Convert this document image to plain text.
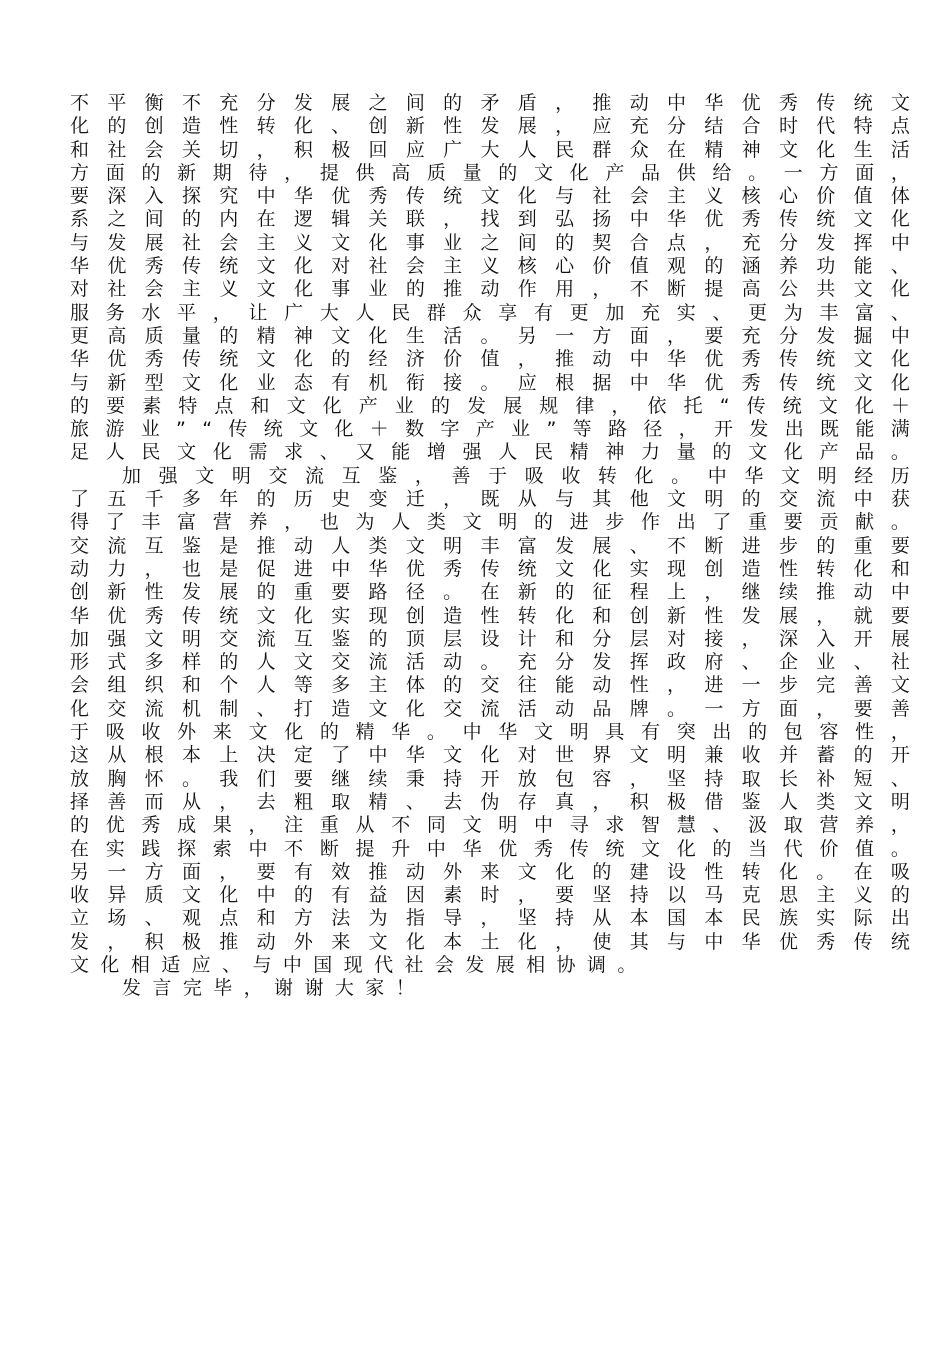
不 平 衡 不 充 分 发 展 之 间 的 矛 盾 ， 推 动 中 华 优 秀 传 统 文
化 的 创 造 性 转 化 、 创 新 性 发 展 ， 应 充 分 结 合 时 代 特 点
和 社 会 关 切 ， 积 极 回 应 广 大 人 民 群 众 在 精 神 文 化 生 活
方 面 的 新 期 待 ， 提 供 高 质 量 的 文 化 产 品 供 给 。 一 方 面 ，
要 深 入 探 究 中 华 优 秀 传 统 文 化 与 社 会 主 义 核 心 价 值 体
系 之 间 的 内 在 逻 辑 关 联 ， 找 到 弘 扬 中 华 优 秀 传 统 文 化
与 发 展 社 会 主 义 文 化 事 业 之 间 的 契 合 点 ， 充 分 发 挥 中
华 优 秀 传 统 文 化 对 社 会 主 义 核 心 价 值 观 的 涵 养 功 能 、
对 社 会 主 义 文 化 事 业 的 推 动 作 用 ， 不 断 提 高 公 共 文 化
服 务 水 平 ， 让 广 大 人 民 群 众 享 有 更 加 充 实 、 更 为 丰 富 、
更 高 质 量 的 精 神 文 化 生 活 。 另 一 方 面 ， 要 充 分 发 掘 中
华 优 秀 传 统 文 化 的 经 济 价 值 ， 推 动 中 华 优 秀 传 统 文 化
与 新 型 文 化 业 态 有 机 衔 接 。 应 根 据 中 华 优 秀 传 统 文 化
的 要 素 特 点 和 文 化 产 业 的 发 展 规 律 ， 依 托 “ 传 统 文 化 ＋
旅 游 业 ” “ 传 统 文 化 ＋ 数 字 产 业 ” 等 路 径 ， 开 发 出 既 能 满
足 人 民 文 化 需 求 、 又 能 增 强 人 民 精 神 力 量 的 文 化 产 品 。
加 强 文 明 交 流 互 鉴 ， 善 于 吸 收 转 化 。 中 华 文 明 经 历
了 五 千 多 年 的 历 史 变 迁 ， 既 从 与 其 他 文 明 的 交 流 中 获
得 了 丰 富 营 养 ， 也 为 人 类 文 明 的 进 步 作 出 了 重 要 贡 献 。
交 流 互 鉴 是 推 动 人 类 文 明 丰 富 发 展 、 不 断 进 步 的 重 要
动 力 ， 也 是 促 进 中 华 优 秀 传 统 文 化 实 现 创 造 性 转 化 和
创 新 性 发 展 的 重 要 路 径 。 在 新 的 征 程 上 ， 继 续 推 动 中
华 优 秀 传 统 文 化 实 现 创 造 性 转 化 和 创 新 性 发 展 ， 就 要
加 强 文 明 交 流 互 鉴 的 顶 层 设 计 和 分 层 对 接 ， 深 入 开 展
形 式 多 样 的 人 文 交 流 活 动 。 充 分 发 挥 政 府 、 企 业 、 社
会 组 织 和 个 人 等 多 主 体 的 交 往 能 动 性 ， 进 一 步 完 善 文
化 交 流 机 制 、 打 造 文 化 交 流 活 动 品 牌 。 一 方 面 ， 要 善
于 吸 收 外 来 文 化 的 精 华 。 中 华 文 明 具 有 突 出 的 包 容 性 ，
这 从 根 本 上 决 定 了 中 华 文 化 对 世 界 文 明 兼 收 并 蓄 的 开
放 胸 怀 。 我 们 要 继 续 秉 持 开 放 包 容 ， 坚 持 取 长 补 短 、
择 善 而 从 ， 去 粗 取 精 、 去 伪 存 真 ， 积 极 借 鉴 人 类 文 明
的 优 秀 成 果 ， 注 重 从 不 同 文 明 中 寻 求 智 慧 、 汲 取 营 养 ，
在 实 践 探 索 中 不 断 提 升 中 华 优 秀 传 统 文 化 的 当 代 价 值 。
另 一 方 面 ， 要 有 效 推 动 外 来 文 化 的 建 设 性 转 化 。 在 吸
收 异 质 文 化 中 的 有 益 因 素 时 ， 要 坚 持 以 马 克 思 主 义 的
立 场 、 观 点 和 方 法 为 指 导 ， 坚 持 从 本 国 本 民 族 实 际 出
发 ， 积 极 推 动 外 来 文 化 本 土 化 ， 使 其 与 中 华 优 秀 传 统
文 化 相 适 应 、 与 中 国 现 代 社 会 发 展 相 协 调 。
发 言 完 毕 ， 谢 谢 大 家 ！
